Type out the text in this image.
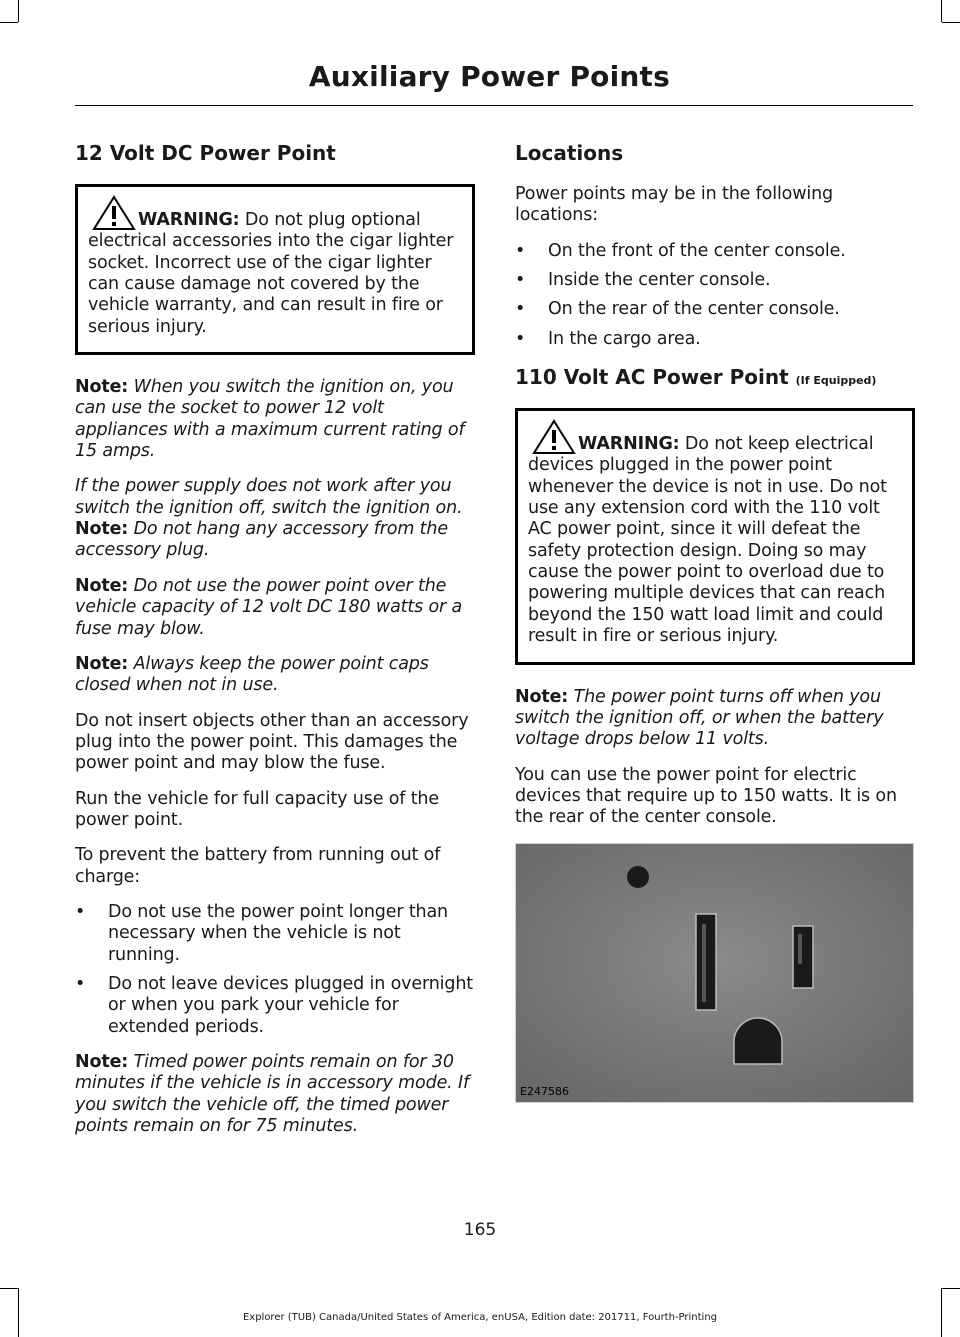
Auxiliary Power Points
12 Volt DC Power Point

WARNING: Do not plug optional electrical accessories into the cigar lighter socket. Incorrect use of the cigar lighter can cause damage not covered by the vehicle warranty, and can result in fire or serious injury.

Note: When you switch the ignition on, you can use the socket to power 12 volt appliances with a maximum current rating of 15 amps.

If the power supply does not work after you switch the ignition off, switch the ignition on.

Note: Do not hang any accessory from the accessory plug.

Note: Do not use the power point over the vehicle capacity of 12 volt DC 180 watts or a fuse may blow.

Note: Always keep the power point caps closed when not in use.

Do not insert objects other than an accessory plug into the power point. This damages the power point and may blow the fuse.

Run the vehicle for full capacity use of the power point.

To prevent the battery from running out of charge:

• Do not use the power point longer than necessary when the vehicle is not running.
• Do not leave devices plugged in overnight or when you park your vehicle for extended periods.

Note: Timed power points remain on for 30 minutes if the vehicle is in accessory mode. If you switch the vehicle off, the timed power points remain on for 75 minutes.

Locations

Power points may be in the following locations:

• On the front of the center console.
• Inside the center console.
• On the rear of the center console.
• In the cargo area.
110 Volt AC Power Point (If Equipped)

WARNING: Do not keep electrical devices plugged in the power point whenever the device is not in use. Do not use any extension cord with the 110 volt AC power point, since it will defeat the safety protection design. Doing so may cause the power point to overload due to powering multiple devices that can reach beyond the 150 watt load limit and could result in fire or serious injury.

Note: The power point turns off when you switch the ignition off, or when the battery voltage drops below 11 volts.

You can use the power point for electric devices that require up to 150 watts. It is on the rear of the center console.

E247586
165
Explorer (TUB) Canada/United States of America, enUSA, Edition date: 201711, Fourth-Printing
